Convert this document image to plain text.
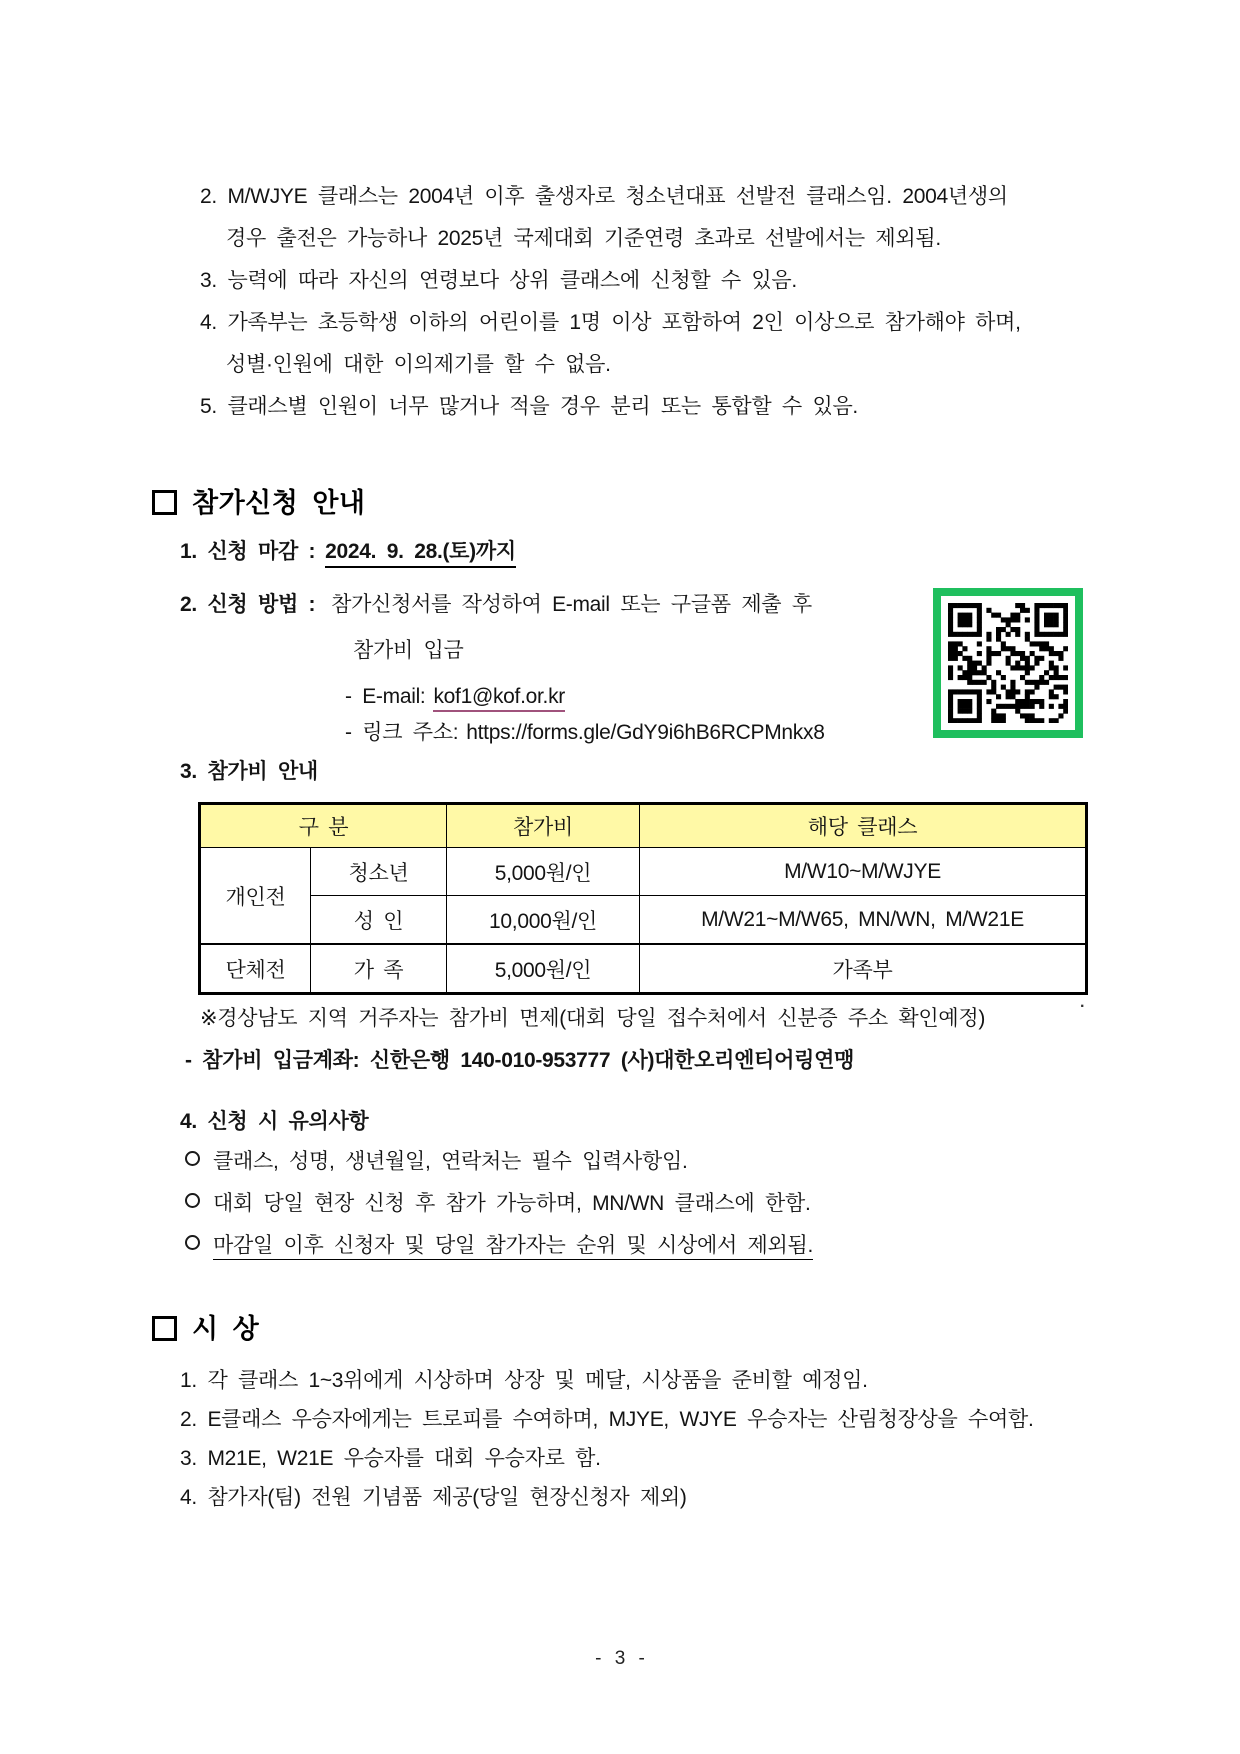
2. M/WJYE 클래스는 2004년 이후 출생자로 청소년대표 선발전 클래스임. 2004년생의
경우 출전은 가능하나 2025년 국제대회 기준연령 초과로 선발에서는 제외됨.
3. 능력에 따라 자신의 연령보다 상위 클래스에 신청할 수 있음.
4. 가족부는 초등학생 이하의 어린이를 1명 이상 포함하여 2인 이상으로 참가해야 하며,
성별·인원에 대한 이의제기를 할 수 없음.
5. 클래스별 인원이 너무 많거나 적을 경우 분리 또는 통합할 수 있음.
참가신청 안내
1. 신청 마감 : 2024. 9. 28.(토)까지
2. 신청 방법 : 참가신청서를 작성하여 E-mail 또는 구글폼 제출 후
참가비 입금
- E-mail: kof1@kof.or.kr
- 링크 주소: https://forms.gle/GdY9i6hB6RCPMnkx8
3. 참가비 안내
구 분		참가비	해당 클래스
개인전	청소년	5,000원/인	M/W10~M/WJYE
	성 인	10,000원/인	M/W21~M/W65, MN/WN, M/W21E
단체전	가 족	5,000원/인	가족부
※경상남도 지역 거주자는 참가비 면제(대회 당일 접수처에서 신분증 주소 확인예정)
·
- 참가비 입금계좌: 신한은행 140-010-953777 (사)대한오리엔티어링연맹
4. 신청 시 유의사항
클래스, 성명, 생년월일, 연락처는 필수 입력사항임.
대회 당일 현장 신청 후 참가 가능하며, MN/WN 클래스에 한함.
마감일 이후 신청자 및 당일 참가자는 순위 및 시상에서 제외됨.
시 상
1. 각 클래스 1~3위에게 시상하며 상장 및 메달, 시상품을 준비할 예정임.
2. E클래스 우승자에게는 트로피를 수여하며, MJYE, WJYE 우승자는 산림청장상을 수여함.
3. M21E, W21E 우승자를 대회 우승자로 함.
4. 참가자(팀) 전원 기념품 제공(당일 현장신청자 제외)
- 3 -
